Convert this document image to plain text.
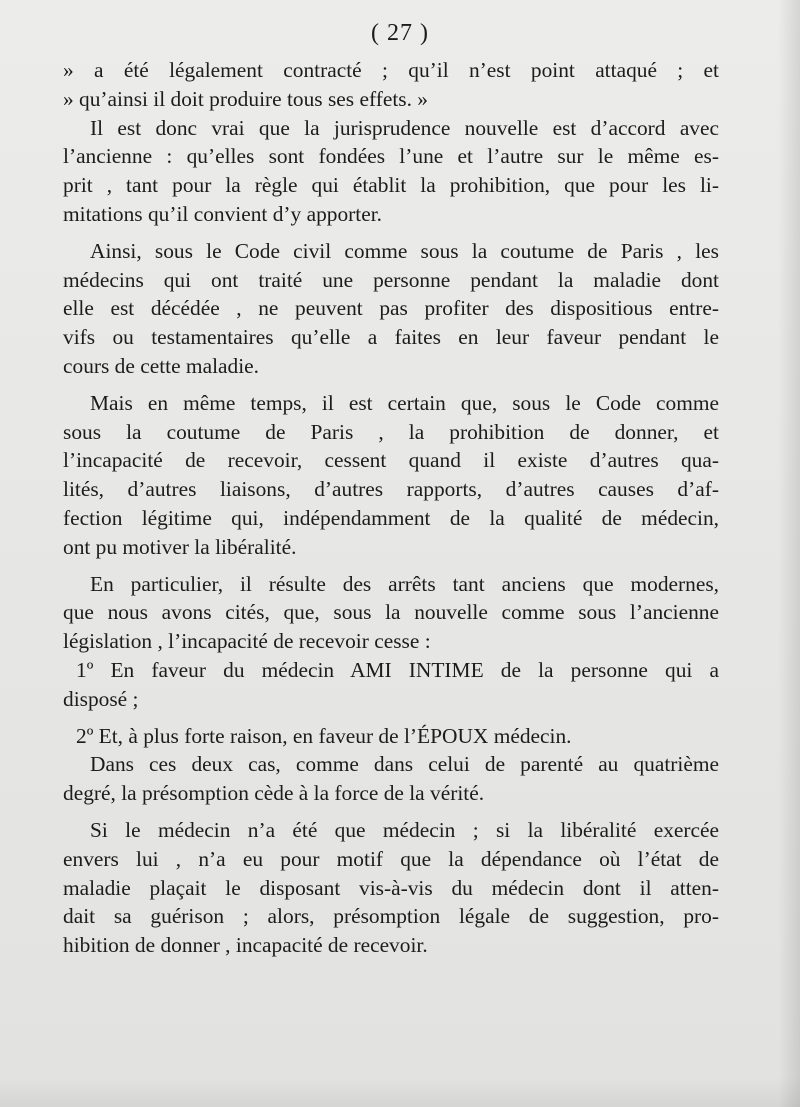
( 27 )

» a été légalement contracté ; qu’il n’est point attaqué ; et
» qu’ainsi il doit produire tous ses effets. »
Il est donc vrai que la jurisprudence nouvelle est d’accord avec
l’ancienne : qu’elles sont fondées l’une et l’autre sur le même es-
prit , tant pour la règle qui établit la prohibition, que pour les li-
mitations qu’il convient d’y apporter.
Ainsi, sous le Code civil comme sous la coutume de Paris , les
médecins qui ont traité une personne pendant la maladie dont
elle est décédée , ne peuvent pas profiter des dispositious entre-
vifs ou testamentaires qu’elle a faites en leur faveur pendant le
cours de cette maladie.
Mais en même temps, il est certain que, sous le Code comme
sous la coutume de Paris , la prohibition de donner, et
l’incapacité de recevoir, cessent quand il existe d’autres qua-
lités, d’autres liaisons, d’autres rapports, d’autres causes d’af-
fection légitime qui, indépendamment de la qualité de médecin,
ont pu motiver la libéralité.
En particulier, il résulte des arrêts tant anciens que modernes,
que nous avons cités, que, sous la nouvelle comme sous l’ancienne
législation , l’incapacité de recevoir cesse :
1º En faveur du médecin AMI INTIME de la personne qui a
disposé ;
2º Et, à plus forte raison, en faveur de l’ÉPOUX médecin.
Dans ces deux cas, comme dans celui de parenté au quatrième
degré, la présomption cède à la force de la vérité.
Si le médecin n’a été que médecin ; si la libéralité exercée
envers lui , n’a eu pour motif que la dépendance où l’état de
maladie plaçait le disposant vis-à-vis du médecin dont il atten-
dait sa guérison ; alors, présomption légale de suggestion, pro-
hibition de donner , incapacité de recevoir.
